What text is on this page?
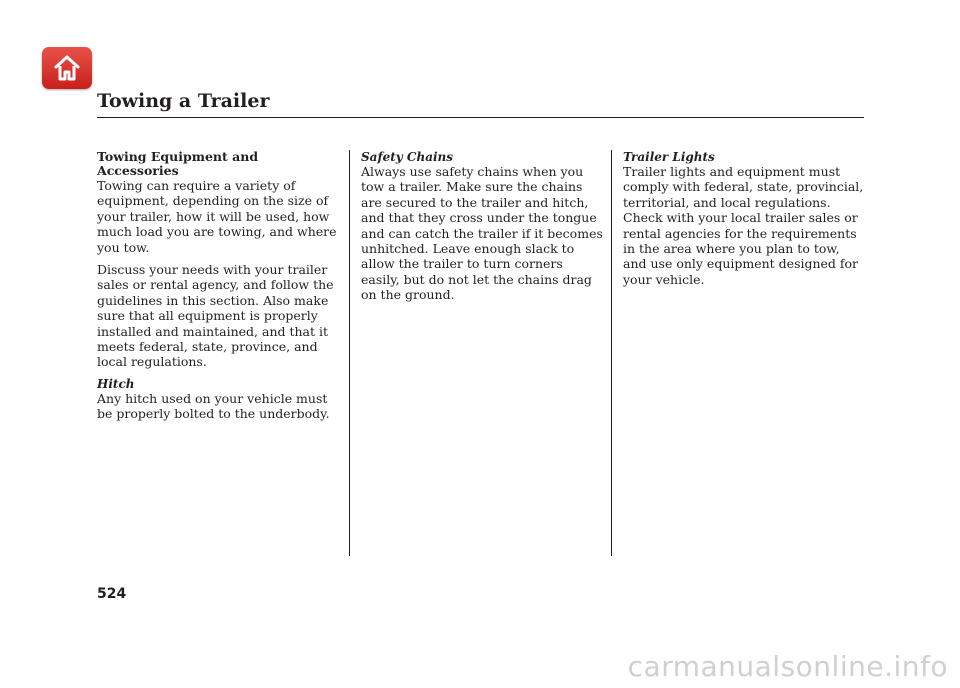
Towing a Trailer
Towing Equipment and Accessories

Towing can require a variety of equipment, depending on the size of your trailer, how it will be used, how much load you are towing, and where you tow.

Discuss your needs with your trailer sales or rental agency, and follow the guidelines in this section. Also make sure that all equipment is properly installed and maintained, and that it meets federal, state, province, and local regulations.

Hitch

Any hitch used on your vehicle must be properly bolted to the underbody.

Safety Chains

Always use safety chains when you tow a trailer. Make sure the chains are secured to the trailer and hitch, and that they cross under the tongue and can catch the trailer if it becomes unhitched. Leave enough slack to allow the trailer to turn corners easily, but do not let the chains drag on the ground.

Trailer Lights

Trailer lights and equipment must comply with federal, state, provincial, territorial, and local regulations. Check with your local trailer sales or rental agencies for the requirements in the area where you plan to tow, and use only equipment designed for your vehicle.

524
carmanualsonline.info
